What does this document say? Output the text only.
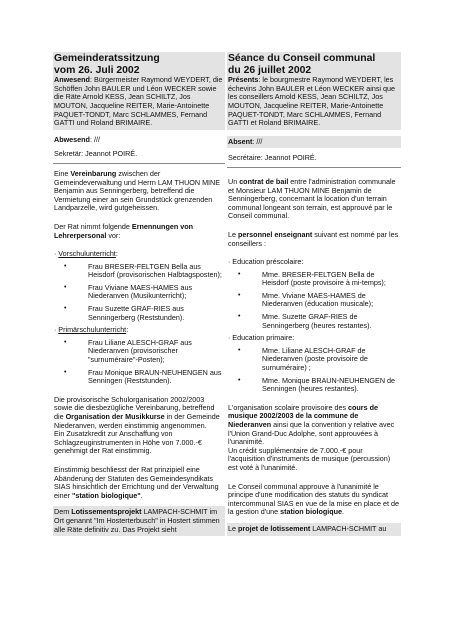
Gemeinderatssitzung
vom 26. Juli 2002
Anwesend: Bürgermeister Raymond WEYDERT, die Schöffen John BAULER und Léon WECKER sowie die Räte Arnold KESS, Jean SCHILTZ, Jos MOUTON, Jacqueline REITER, Marie-Antoinette PAQUET-TONDT, Marc SCHLAMMES, Fernand GATTI und Roland BRIMAIRE.

Abwesend: ///

Sekretär: Jeannot POIRÉ.

Eine Vereinbarung zwischen der Gemeindeverwaltung und Herrn LAM THUON MINE Benjamin aus Senningerberg, betreffend die Vermietung einer an sein Grundstück grenzenden Landparzelle, wird gutgeheissen.

Der Rat nimmt folgende Ernennungen von Lehrerpersonal vor:

· Vorschulunterricht:

• Frau BRESER-FELTGEN Bella aus Heisdorf (provisorischen Halbtagsposten);
• Frau Viviane MAES-HAMES aus Niederanven (Musikunterricht);
• Frau Suzette GRAF-RIES aus Senningerberg (Reststunden).

· Primärschulunterricht:

• Frau Liliane ALESCH-GRAF aus Niederanven (provisorischer "surnuméraire"-Posten);
• Frau Monique BRAUN-NEUHENGEN aus Senningen (Reststunden).

Die provisorische Schulorganisation 2002/2003 sowie die diesbezügliche Vereinbarung, betreffend die Organisation der Musikkurse in der Gemeinde Niederanven, werden einstimmig angenommen.

Ein Zusatzkredit zur Anschaffung von Schlagzeuginstrumenten in Höhe von 7.000.-€ genehmigt der Rat einstimmig.

Einstimmig beschliesst der Rat prinzipiell eine Abänderung der Statuten des Gemeindesyndikats SIAS hinsichtlich der Errichtung und der Verwaltung einer "station biologique".

Dem Lotissementsprojekt LAMPACH-SCHMIT im Ort genannt "Im Hosterterbusch" in Hostert stimmen alle Räte definitiv zu. Das Projekt sieht

Séance du Conseil communal
du 26 juillet 2002
Présents: le bourgmestre Raymond WEYDERT, les échevins John BAULER et Léon WECKER ainsi que les conseillers Arnold KESS, Jean SCHILTZ, Jos MOUTON, Jacqueline REITER, Marie-Antoinette PAQUET-TONDT, Marc SCHLAMMES, Fernand GATTI et Roland BRIMAIRE.

Absent: ///

Secrétaire: Jeannot POIRÉ.

Un contrat de bail entre l'administration communale et Monsieur LAM THUON MINE Benjamin de Senningerberg, concernant la location d'un terrain communal longeant son terrain, est approuvé par le Conseil communal.

Le personnel enseignant suivant est nommé par les conseillers :

· Education préscolaire:

• Mme. BRESER-FELTGEN Bella de Heisdorf (poste provisoire à mi-temps);
• Mme. Viviane MAES-HAMES de Niederanven (éducation musicale);
• Mme. Suzette GRAF-RIES de Senningerberg (heures restantes).

· Education primaire:

• Mme. Liliane ALESCH-GRAF de Niederanven (poste provisoire de surnuméraire) ;
• Mme. Monique BRAUN-NEUHENGEN de Senningen (heures restantes).

L'organisation scolaire provisoire des cours de musique 2002/2003 de la commune de Niederanven ainsi que la convention y relative avec l'Union Grand-Duc Adolphe, sont approuvées à l'unanimité.

Un crédit supplémentaire de 7.000.-€ pour l'acquisition d'instruments de musique (percussion) est voté à l'unanimité.

Le Conseil communal approuve à l'unanimité le principe d'une modification des statuts du syndicat intercommunal SIAS en vue de la mise en place et de la gestion d'une station biologique.

Le projet de lotissement LAMPACH-SCHMIT au
